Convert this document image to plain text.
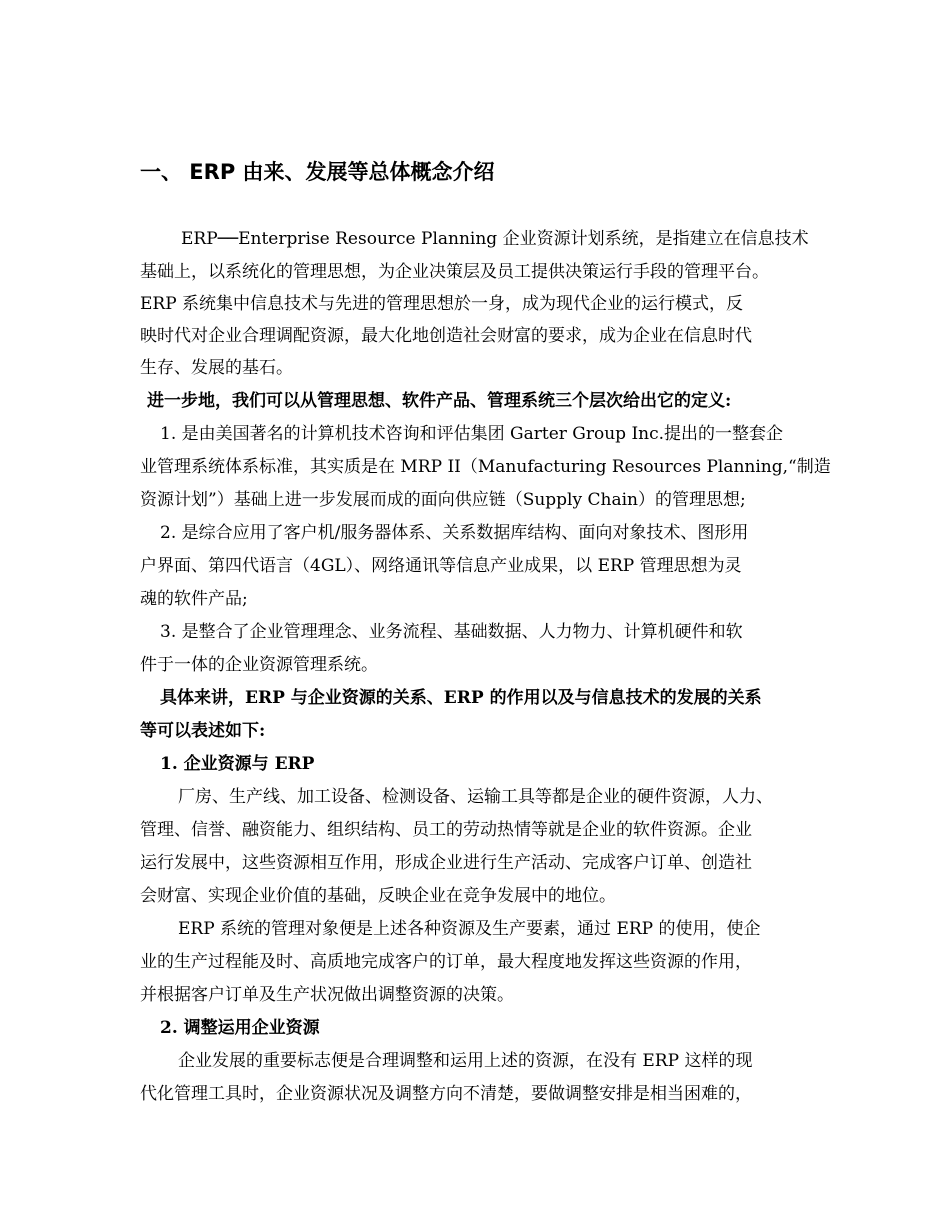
一、 ERP 由来、发展等总体概念介绍
ERP──Enterprise Resource Planning 企业资源计划系统，是指建立在信息技术
基础上，以系统化的管理思想，为企业决策层及员工提供决策运行手段的管理平台。
ERP 系统集中信息技术与先进的管理思想於一身，成为现代企业的运行模式，反
映时代对企业合理调配资源，最大化地创造社会财富的要求，成为企业在信息时代
生存、发展的基石。
进一步地，我们可以从管理思想、软件产品、管理系统三个层次给出它的定义:
1. 是由美国著名的计算机技术咨询和评估集团 Garter Group Inc.提出的一整套企
业管理系统体系标准，其实质是在 MRP II（Manufacturing Resources Planning,“制造
资源计划”）基础上进一步发展而成的面向供应链（Supply Chain）的管理思想;
2. 是综合应用了客户机/服务器体系、关系数据库结构、面向对象技术、图形用
户界面、第四代语言（4GL）、网络通讯等信息产业成果，以 ERP 管理思想为灵
魂的软件产品;
3. 是整合了企业管理理念、业务流程、基础数据、人力物力、计算机硬件和软
件于一体的企业资源管理系统。
具体来讲，ERP 与企业资源的关系、ERP 的作用以及与信息技术的发展的关系
等可以表述如下:
1. 企业资源与 ERP
厂房、生产线、加工设备、检测设备、运输工具等都是企业的硬件资源，人力、
管理、信誉、融资能力、组织结构、员工的劳动热情等就是企业的软件资源。企业
运行发展中，这些资源相互作用，形成企业进行生产活动、完成客户订单、创造社
会财富、实现企业价值的基础，反映企业在竞争发展中的地位。
ERP 系统的管理对象便是上述各种资源及生产要素，通过 ERP 的使用，使企
业的生产过程能及时、高质地完成客户的订单，最大程度地发挥这些资源的作用，
并根据客户订单及生产状况做出调整资源的决策。
2. 调整运用企业资源
企业发展的重要标志便是合理调整和运用上述的资源，在没有 ERP 这样的现
代化管理工具时，企业资源状况及调整方向不清楚，要做调整安排是相当困难的，
